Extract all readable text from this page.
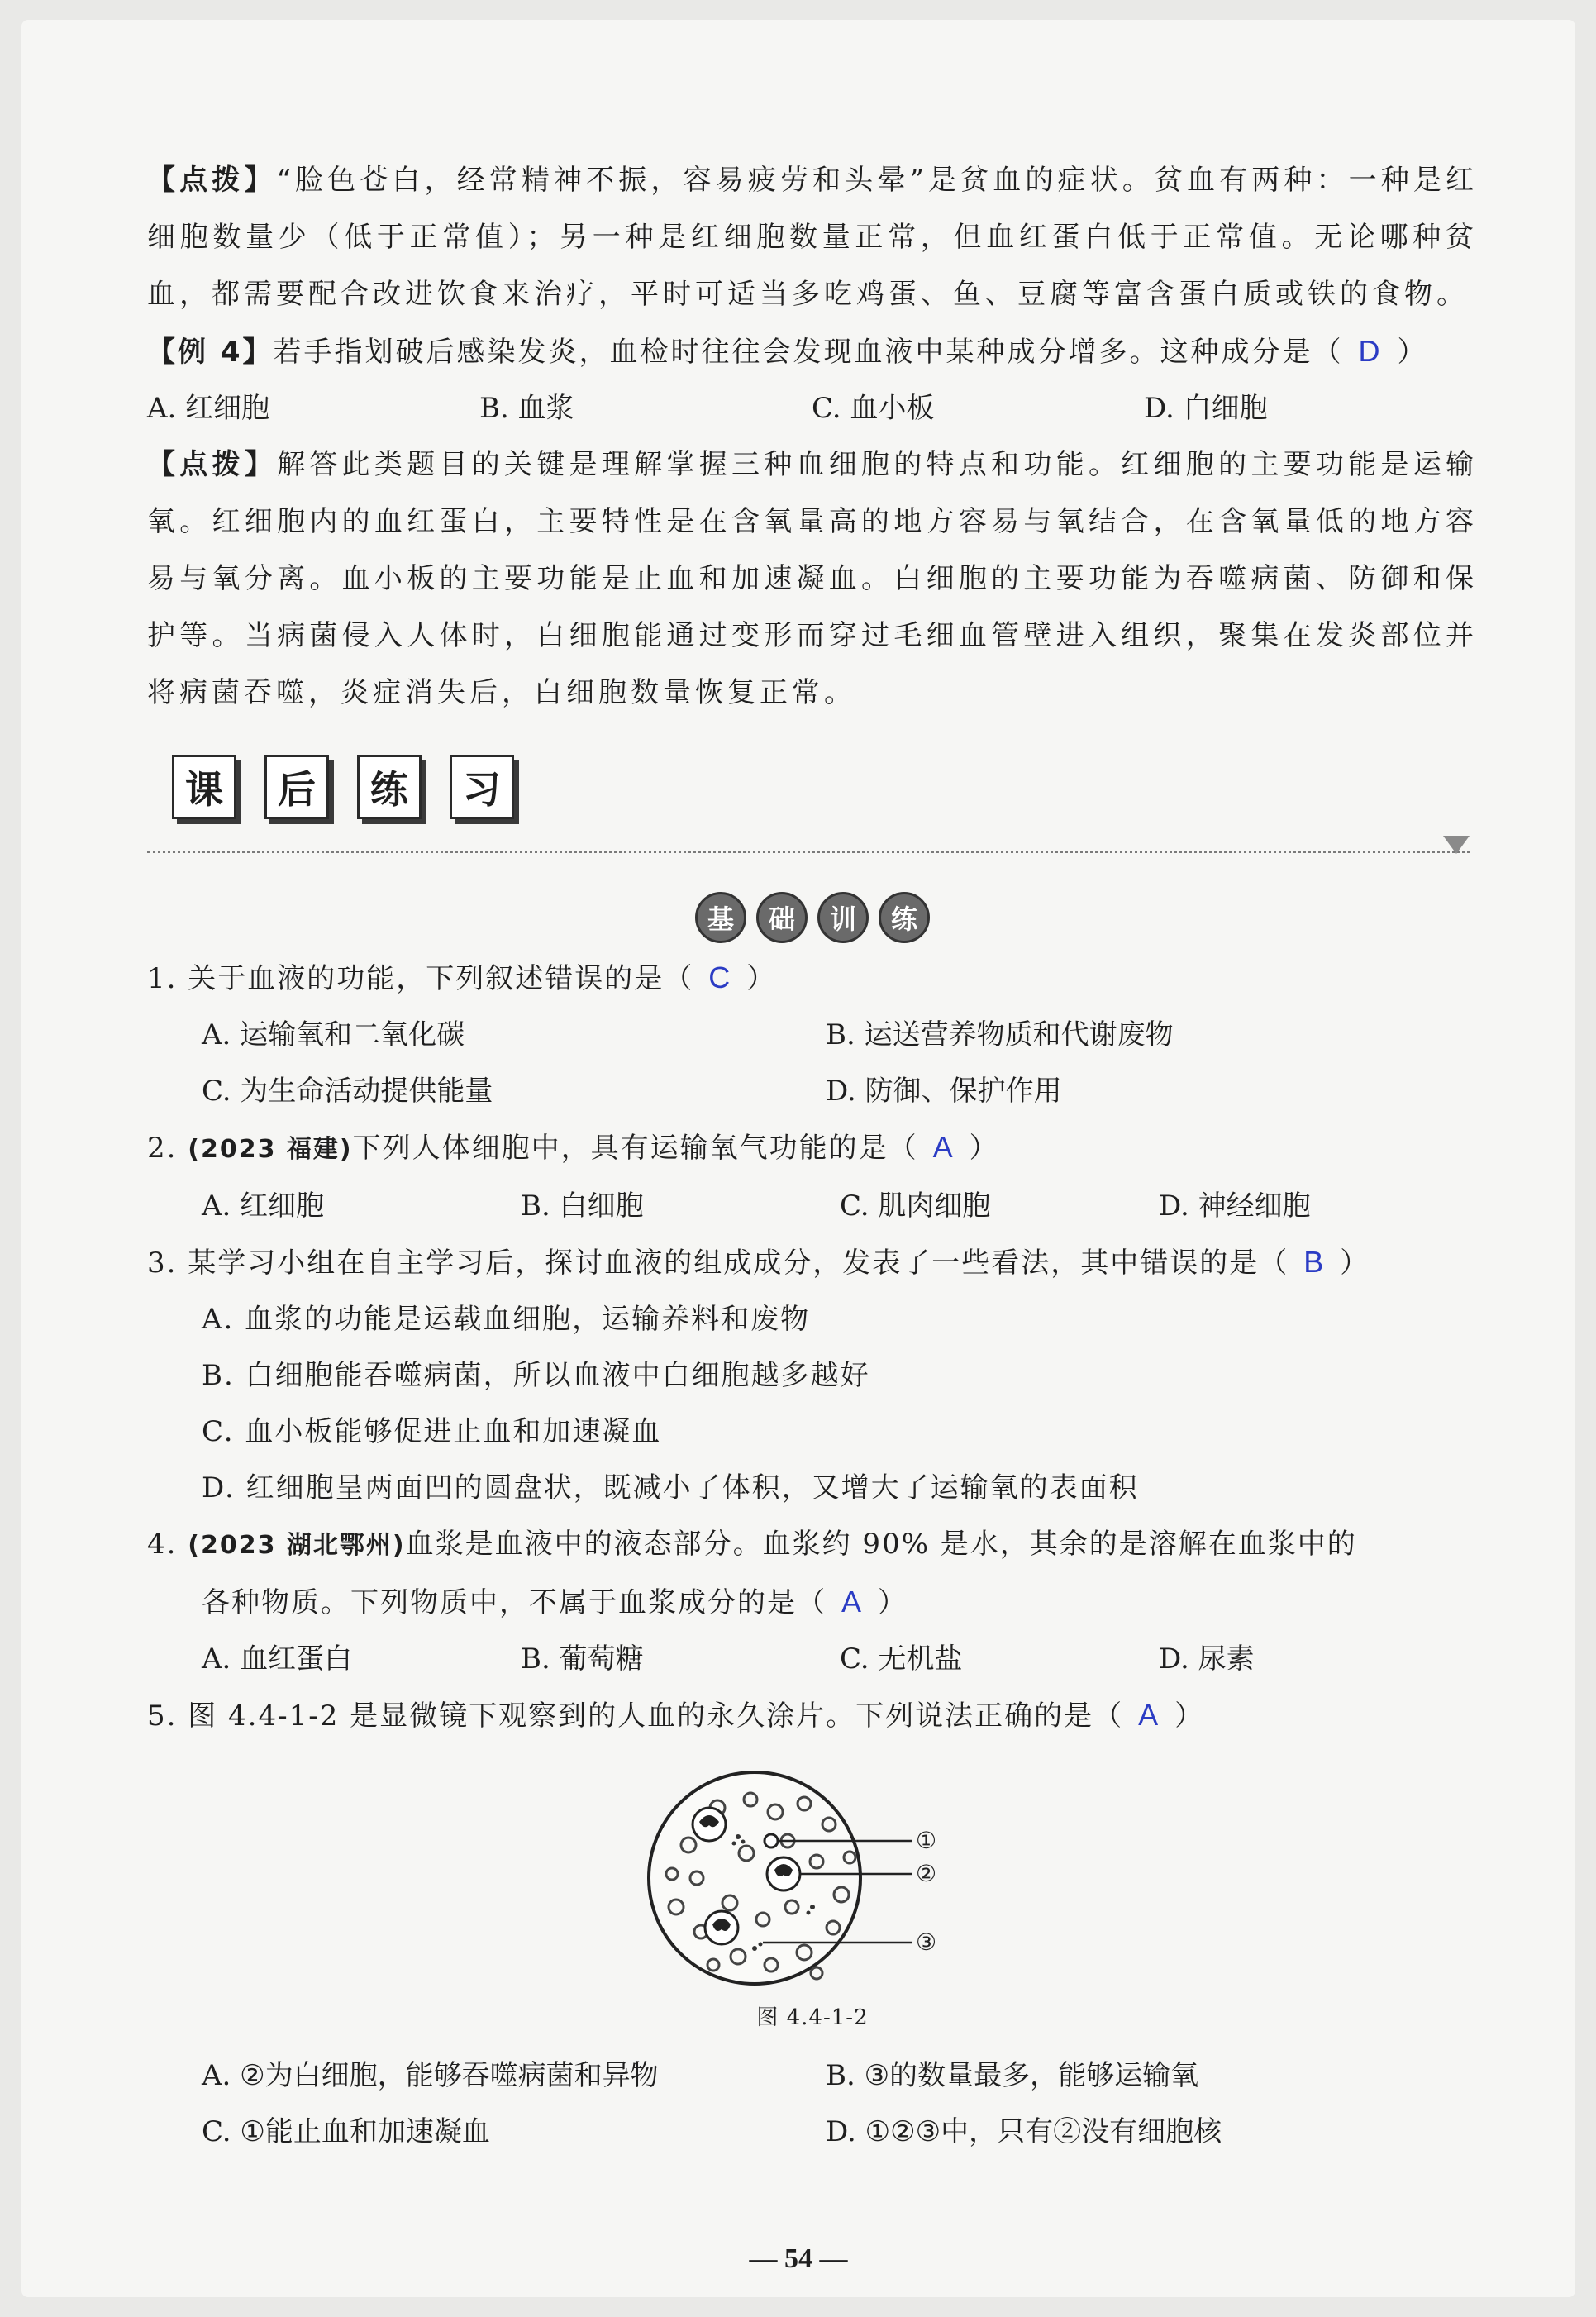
【点拨】“脸色苍白，经常精神不振，容易疲劳和头晕”是贫血的症状。贫血有两种：一种是红细胞数量少（低于正常值）；另一种是红细胞数量正常，但血红蛋白低于正常值。无论哪种贫血，都需要配合改进饮食来治疗，平时可适当多吃鸡蛋、鱼、豆腐等富含蛋白质或铁的食物。
【例 4】若手指划破后感染发炎，血检时往往会发现血液中某种成分增多。这种成分是（ D ）
A. 红细胞	B. 血浆	C. 血小板	D. 白细胞
【点拨】解答此类题目的关键是理解掌握三种血细胞的特点和功能。红细胞的主要功能是运输氧。红细胞内的血红蛋白，主要特性是在含氧量高的地方容易与氧结合，在含氧量低的地方容易与氧分离。血小板的主要功能是止血和加速凝血。白细胞的主要功能为吞噬病菌、防御和保护等。当病菌侵入人体时，白细胞能通过变形而穿过毛细血管壁进入组织，聚集在发炎部位并将病菌吞噬，炎症消失后，白细胞数量恢复正常。
课	后	练	习
基	础	训	练
1. 关于血液的功能，下列叙述错误的是（ C ）
A. 运输氧和二氧化碳	B. 运送营养物质和代谢废物
C. 为生命活动提供能量	D. 防御、保护作用
2. (2023 福建)下列人体细胞中，具有运输氧气功能的是（ A ）
A. 红细胞	B. 白细胞	C. 肌肉细胞	D. 神经细胞
3. 某学习小组在自主学习后，探讨血液的组成成分，发表了一些看法，其中错误的是（ B ）
A. 血浆的功能是运载血细胞，运输养料和废物
B. 白细胞能吞噬病菌，所以血液中白细胞越多越好
C. 血小板能够促进止血和加速凝血
D. 红细胞呈两面凹的圆盘状，既减小了体积，又增大了运输氧的表面积
4. (2023 湖北鄂州)血浆是血液中的液态部分。血浆约 90% 是水，其余的是溶解在血浆中的
各种物质。下列物质中，不属于血浆成分的是（ A ）
A. 血红蛋白	B. 葡萄糖	C. 无机盐	D. 尿素
5. 图 4.4-1-2 是显微镜下观察到的人血的永久涂片。下列说法正确的是（ A ）
①
②
③
图 4.4-1-2
A. ②为白细胞，能够吞噬病菌和异物	B. ③的数量最多，能够运输氧
C. ①能止血和加速凝血	D. ①②③中，只有②没有细胞核
— 54 —
